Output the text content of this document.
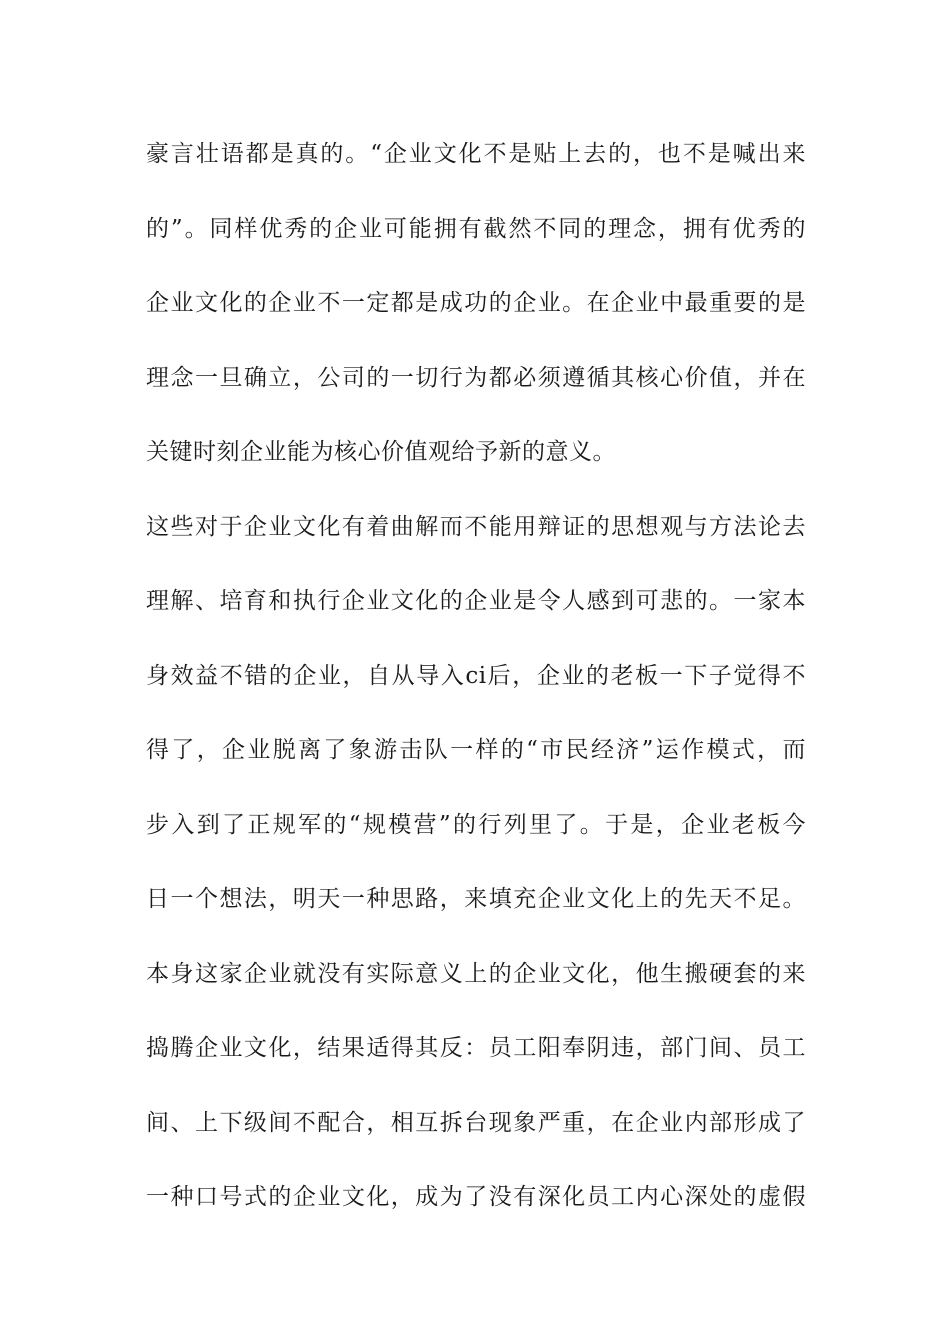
豪言壮语都是真的。“企业文化不是贴上去的，也不是喊出来
的”。同样优秀的企业可能拥有截然不同的理念，拥有优秀的
企业文化的企业不一定都是成功的企业。在企业中最重要的是
理念一旦确立，公司的一切行为都必须遵循其核心价值，并在
关键时刻企业能为核心价值观给予新的意义。
这些对于企业文化有着曲解而不能用辩证的思想观与方法论去
理解、培育和执行企业文化的企业是令人感到可悲的。一家本
身效益不错的企业，自从导入ci后，企业的老板一下子觉得不
得了，企业脱离了象游击队一样的“市民经济”运作模式，而
步入到了正规军的“规模营”的行列里了。于是，企业老板今
日一个想法，明天一种思路，来填充企业文化上的先天不足。
本身这家企业就没有实际意义上的企业文化，他生搬硬套的来
捣腾企业文化，结果适得其反：员工阳奉阴违，部门间、员工
间、上下级间不配合，相互拆台现象严重，在企业内部形成了
一种口号式的企业文化，成为了没有深化员工内心深处的虚假
